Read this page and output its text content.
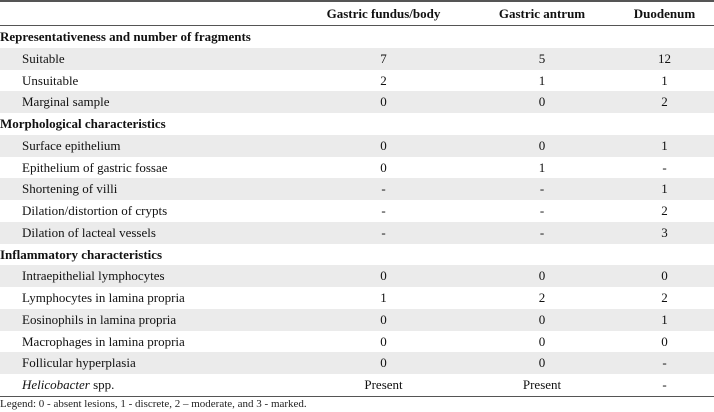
	Gastric fundus/body	Gastric antrum	Duodenum
Representativeness and number of fragments			
Suitable	7	5	12
Unsuitable	2	1	1
Marginal sample	0	0	2
Morphological characteristics			
Surface epithelium	0	0	1
Epithelium of gastric fossae	0	1	-
Shortening of villi	-	-	1
Dilation/distortion of crypts	-	-	2
Dilation of lacteal vessels	-	-	3
Inflammatory characteristics			
Intraepithelial lymphocytes	0	0	0
Lymphocytes in lamina propria	1	2	2
Eosinophils in lamina propria	0	0	1
Macrophages in lamina propria	0	0	0
Follicular hyperplasia	0	0	-
Helicobacter spp.	Present	Present	-
Legend: 0 - absent lesions, 1 - discrete, 2 – moderate, and 3 - marked.
